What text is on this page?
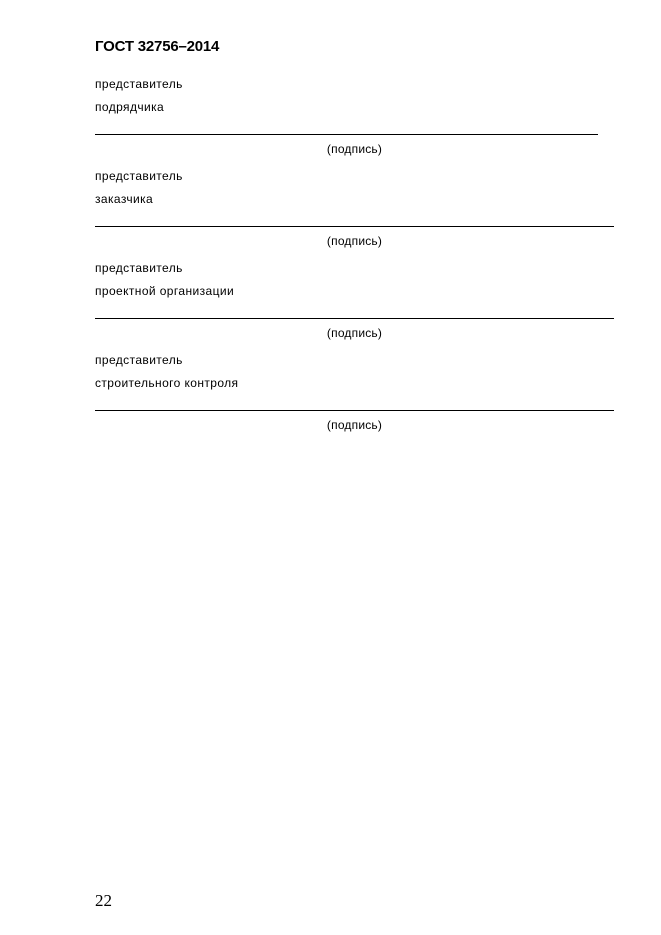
ГОСТ 32756–2014
представитель
подрядчика
(подпись)
представитель
заказчика
(подпись)
представитель
проектной организации
(подпись)
представитель
строительного контроля
(подпись)
22
